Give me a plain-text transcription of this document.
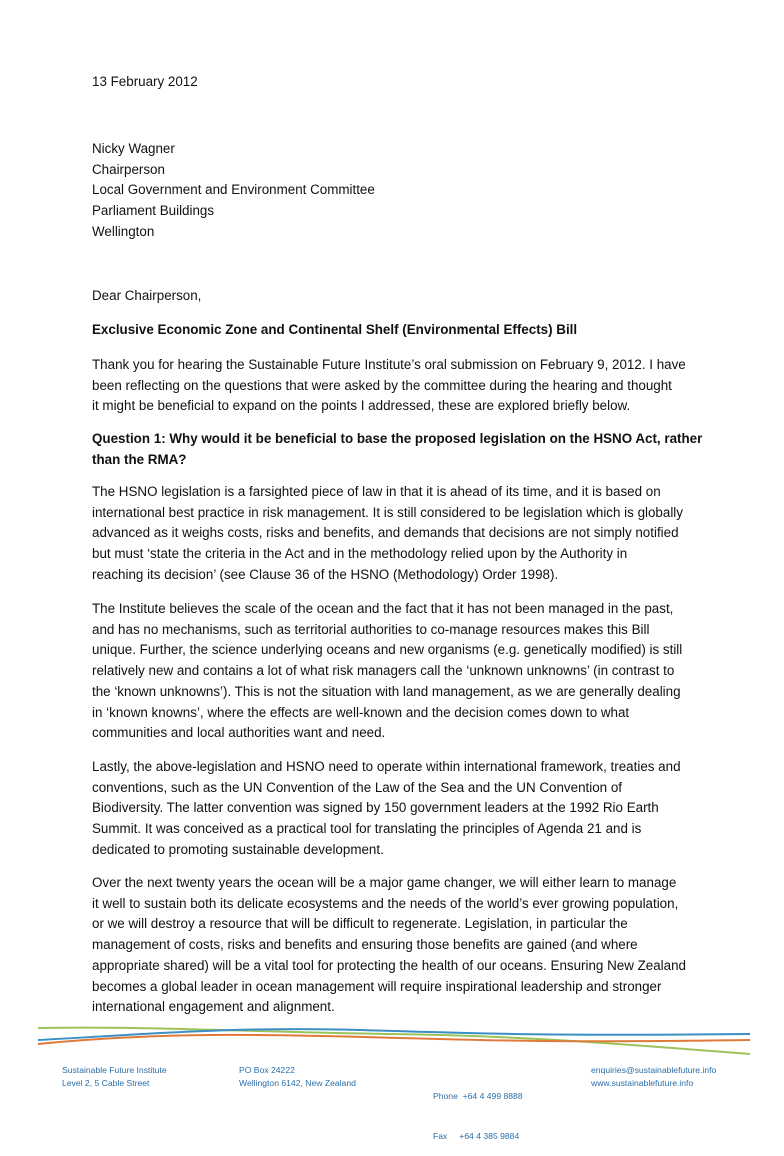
13 February 2012

Nicky Wagner
Chairperson
Local Government and Environment Committee
Parliament Buildings
Wellington

Dear Chairperson,

Exclusive Economic Zone and Continental Shelf (Environmental Effects) Bill

Thank you for hearing the Sustainable Future Institute’s oral submission on February 9, 2012. I have
been reflecting on the questions that were asked by the committee during the hearing and thought
it might be beneficial to expand on the points I addressed, these are explored briefly below.
Question 1: Why would it be beneficial to base the proposed legislation on the HSNO Act, rather
than the RMA?
The HSNO legislation is a farsighted piece of law in that it is ahead of its time, and it is based on
international best practice in risk management. It is still considered to be legislation which is globally
advanced as it weighs costs, risks and benefits, and demands that decisions are not simply notified
but must ‘state the criteria in the Act and in the methodology relied upon by the Authority in
reaching its decision’ (see Clause 36 of the HSNO (Methodology) Order 1998).
The Institute believes the scale of the ocean and the fact that it has not been managed in the past,
and has no mechanisms, such as territorial authorities to co-manage resources makes this Bill
unique. Further, the science underlying oceans and new organisms (e.g. genetically modified) is still
relatively new and contains a lot of what risk managers call the ‘unknown unknowns’ (in contrast to
the ‘known unknowns’). This is not the situation with land management, as we are generally dealing
in ‘known knowns’, where the effects are well-known and the decision comes down to what
communities and local authorities want and need.
Lastly, the above-legislation and HSNO need to operate within international framework, treaties and
conventions, such as the UN Convention of the Law of the Sea and the UN Convention of
Biodiversity. The latter convention was signed by 150 government leaders at the 1992 Rio Earth
Summit. It was conceived as a practical tool for translating the principles of Agenda 21 and is
dedicated to promoting sustainable development.
Over the next twenty years the ocean will be a major game changer, we will either learn to manage
it well to sustain both its delicate ecosystems and the needs of the world’s ever growing population,
or we will destroy a resource that will be difficult to regenerate. Legislation, in particular the
management of costs, risks and benefits and ensuring those benefits are gained (and where
appropriate shared) will be a vital tool for protecting the health of our oceans. Ensuring New Zealand
becomes a global leader in ocean management will require inspirational leadership and stronger
international engagement and alignment.
Sustainable Future Institute
Level 2, 5 Cable Street
PO Box 24222
Wellington 6142, New Zealand

Phone  +64 4 499 8888

Fax     +64 4 385 9884

enquiries@sustainablefuture.info
www.sustainablefuture.info
